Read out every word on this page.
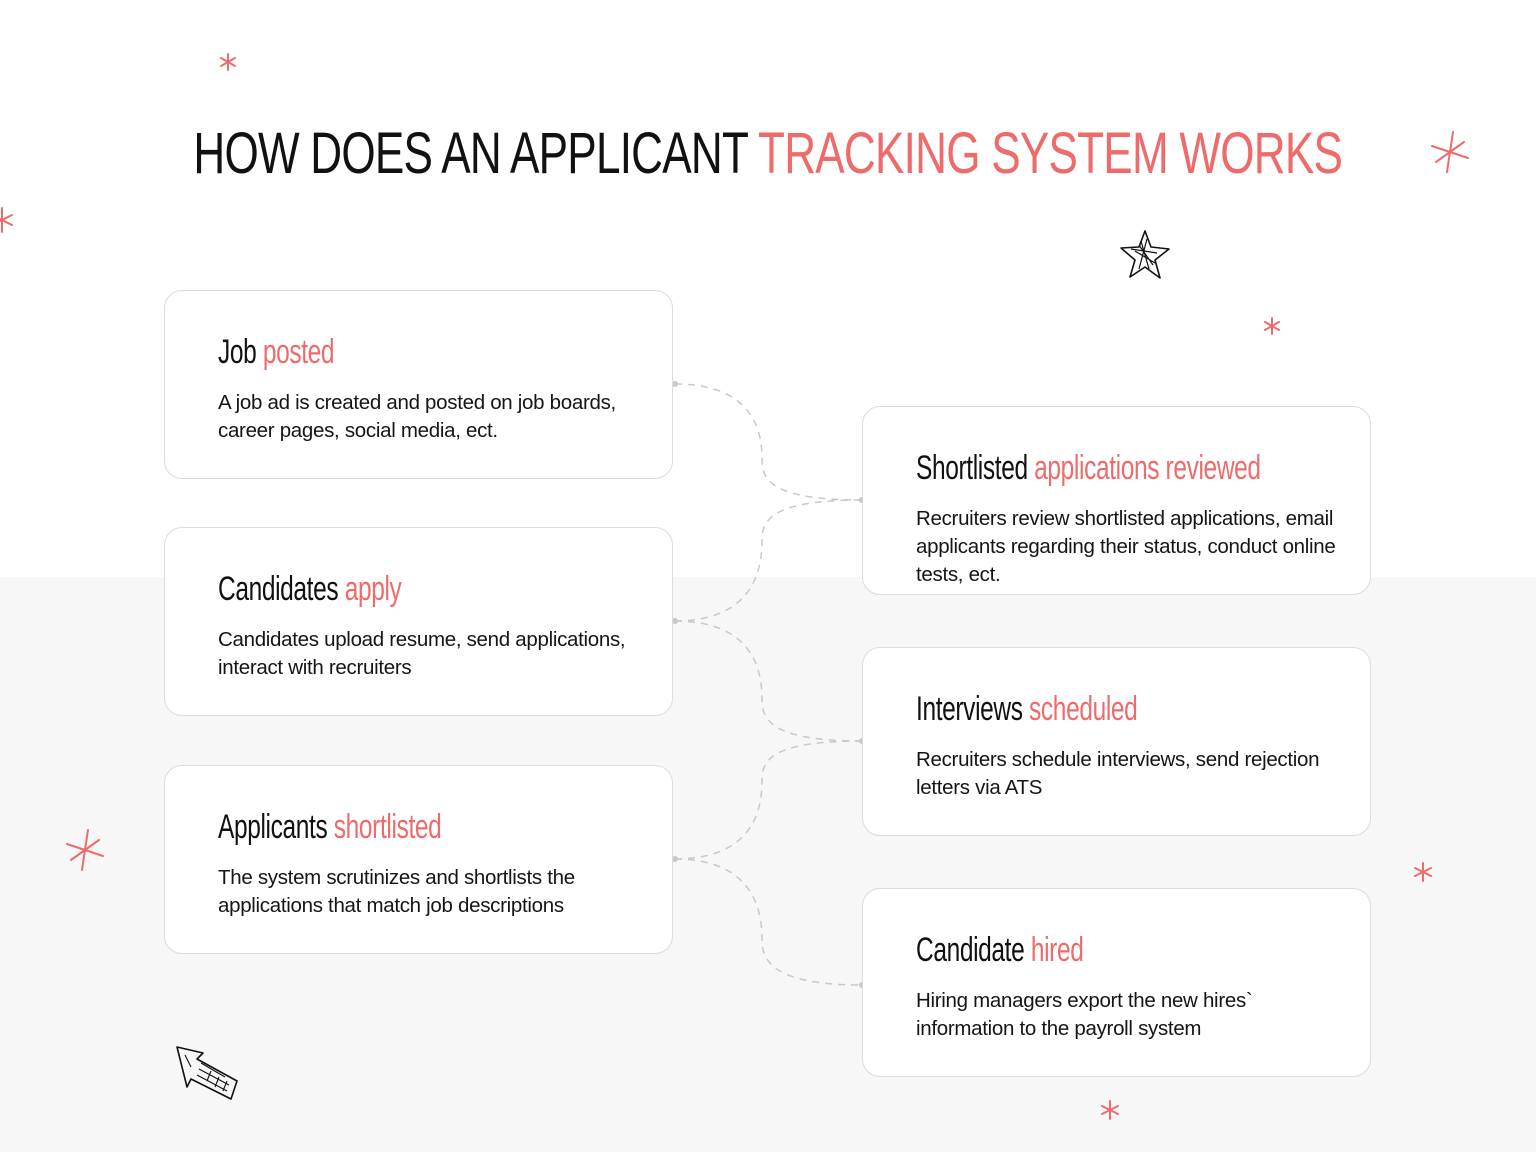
HOW DOES AN APPLICANT TRACKING SYSTEM WORKS
Job posted
A job ad is created and posted on job boards, career pages, social media, ect.
Candidates apply
Candidates upload resume, send applications, interact with recruiters
Applicants shortlisted
The system scrutinizes and shortlists the applications that match job descriptions
Shortlisted applications reviewed
Recruiters review shortlisted applications, email applicants regarding their status, conduct online tests, ect.
Interviews scheduled
Recruiters schedule interviews, send rejection letters via ATS
Candidate hired
Hiring managers export the new hires` information to the payroll system
